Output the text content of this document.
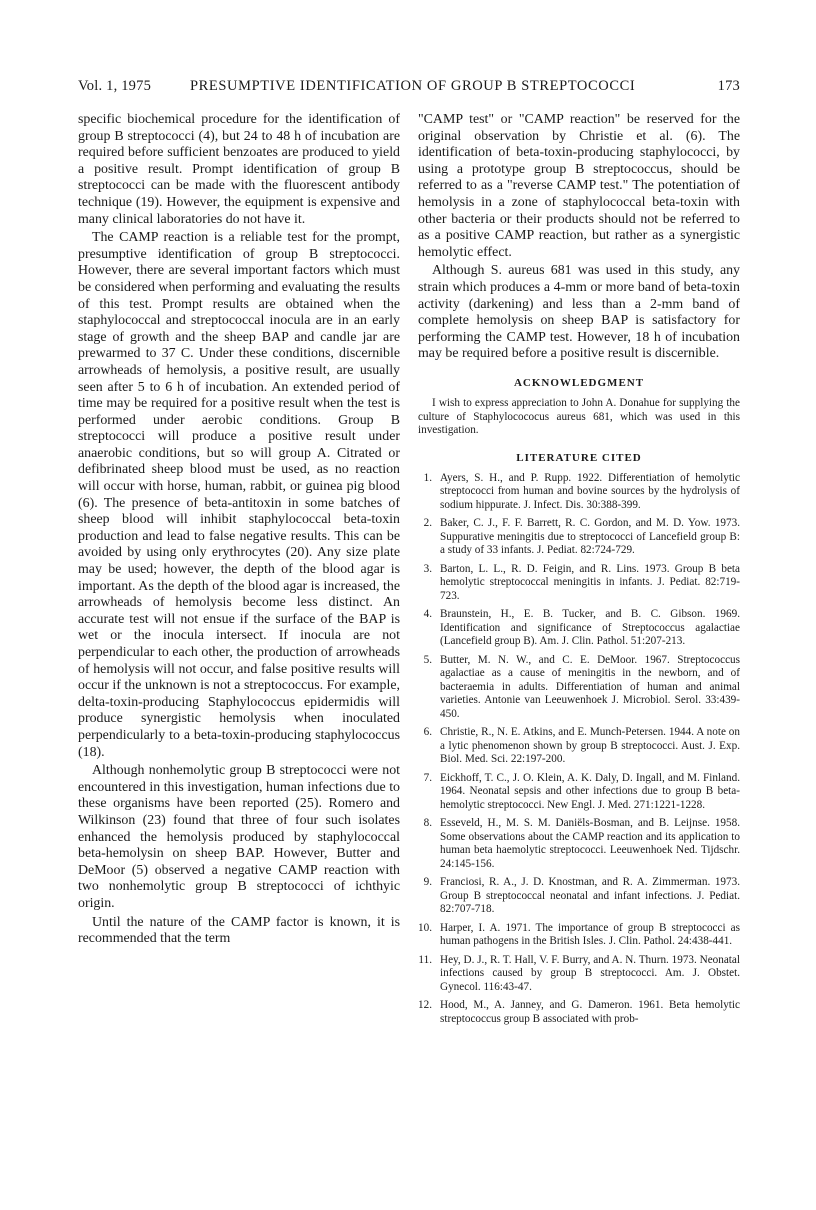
Vol. 1, 1975	PRESUMPTIVE IDENTIFICATION OF GROUP B STREPTOCOCCI	173

specific biochemical procedure for the identification of group B streptococci (4), but 24 to 48 h of incubation are required before sufficient benzoates are produced to yield a positive result. Prompt identification of group B streptococci can be made with the fluorescent antibody technique (19). However, the equipment is expensive and many clinical laboratories do not have it.

The CAMP reaction is a reliable test for the prompt, presumptive identification of group B streptococci. However, there are several important factors which must be considered when performing and evaluating the results of this test. Prompt results are obtained when the staphylococcal and streptococcal inocula are in an early stage of growth and the sheep BAP and candle jar are prewarmed to 37 C. Under these conditions, discernible arrowheads of hemolysis, a positive result, are usually seen after 5 to 6 h of incubation. An extended period of time may be required for a positive result when the test is performed under aerobic conditions. Group B streptococci will produce a positive result under anaerobic conditions, but so will group A. Citrated or defibrinated sheep blood must be used, as no reaction will occur with horse, human, rabbit, or guinea pig blood (6). The presence of beta-antitoxin in some batches of sheep blood will inhibit staphylococcal beta-toxin production and lead to false negative results. This can be avoided by using only erythrocytes (20). Any size plate may be used; however, the depth of the blood agar is important. As the depth of the blood agar is increased, the arrowheads of hemolysis become less distinct. An accurate test will not ensue if the surface of the BAP is wet or the inocula intersect. If inocula are not perpendicular to each other, the production of arrowheads of hemolysis will not occur, and false positive results will occur if the unknown is not a streptococcus. For example, delta-toxin-producing Staphylococcus epidermidis will produce synergistic hemolysis when inoculated perpendicularly to a beta-toxin-producing staphylococcus (18).

Although nonhemolytic group B streptococci were not encountered in this investigation, human infections due to these organisms have been reported (25). Romero and Wilkinson (23) found that three of four such isolates enhanced the hemolysis produced by staphylococcal beta-hemolysin on sheep BAP. However, Butter and DeMoor (5) observed a negative CAMP reaction with two nonhemolytic group B streptococci of ichthyic origin.

Until the nature of the CAMP factor is known, it is recommended that the term

"CAMP test" or "CAMP reaction" be reserved for the original observation by Christie et al. (6). The identification of beta-toxin-producing staphylococci, by using a prototype group B streptococcus, should be referred to as a "reverse CAMP test." The potentiation of hemolysis in a zone of staphylococcal beta-toxin with other bacteria or their products should not be referred to as a positive CAMP reaction, but rather as a synergistic hemolytic effect.

Although S. aureus 681 was used in this study, any strain which produces a 4-mm or more band of beta-toxin activity (darkening) and less than a 2-mm band of complete hemolysis on sheep BAP is satisfactory for performing the CAMP test. However, 18 h of incubation may be required before a positive result is discernible.

ACKNOWLEDGMENT

I wish to express appreciation to John A. Donahue for supplying the culture of Staphylocococus aureus 681, which was used in this investigation.

LITERATURE CITED
1. Ayers, S. H., and P. Rupp. 1922. Differentiation of hemolytic streptococci from human and bovine sources by the hydrolysis of sodium hippurate. J. Infect. Dis. 30:388-399.
2. Baker, C. J., F. F. Barrett, R. C. Gordon, and M. D. Yow. 1973. Suppurative meningitis due to streptococci of Lancefield group B: a study of 33 infants. J. Pediat. 82:724-729.
3. Barton, L. L., R. D. Feigin, and R. Lins. 1973. Group B beta hemolytic streptococcal meningitis in infants. J. Pediat. 82:719-723.
4. Braunstein, H., E. B. Tucker, and B. C. Gibson. 1969. Identification and significance of Streptococcus agalactiae (Lancefield group B). Am. J. Clin. Pathol. 51:207-213.
5. Butter, M. N. W., and C. E. DeMoor. 1967. Streptococcus agalactiae as a cause of meningitis in the newborn, and of bacteraemia in adults. Differentiation of human and animal varieties. Antonie van Leeuwenhoek J. Microbiol. Serol. 33:439-450.
6. Christie, R., N. E. Atkins, and E. Munch-Petersen. 1944. A note on a lytic phenomenon shown by group B streptococci. Aust. J. Exp. Biol. Med. Sci. 22:197-200.
7. Eickhoff, T. C., J. O. Klein, A. K. Daly, D. Ingall, and M. Finland. 1964. Neonatal sepsis and other infections due to group B beta-hemolytic streptococci. New Engl. J. Med. 271:1221-1228.
8. Esseveld, H., M. S. M. Daniëls-Bosman, and B. Leijnse. 1958. Some observations about the CAMP reaction and its application to human beta haemolytic streptococci. Leeuwenhoek Ned. Tijdschr. 24:145-156.
9. Franciosi, R. A., J. D. Knostman, and R. A. Zimmerman. 1973. Group B streptococcal neonatal and infant infections. J. Pediat. 82:707-718.
10. Harper, I. A. 1971. The importance of group B streptococci as human pathogens in the British Isles. J. Clin. Pathol. 24:438-441.
11. Hey, D. J., R. T. Hall, V. F. Burry, and A. N. Thurn. 1973. Neonatal infections caused by group B streptococci. Am. J. Obstet. Gynecol. 116:43-47.
12. Hood, M., A. Janney, and G. Dameron. 1961. Beta hemolytic streptococcus group B associated with prob-
